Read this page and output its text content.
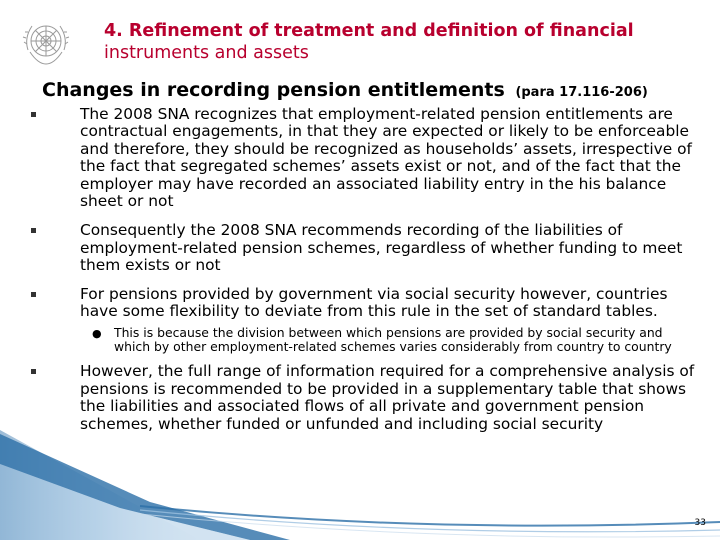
4. Refinement of treatment and definition of financial
instruments and assets
Changes in recording pension entitlements (para 17.116-206)
The 2008 SNA recognizes that employment-related pension entitlements are contractual engagements, in that they are expected or likely to be enforceable and therefore, they should be recognized as households’ assets, irrespective of the fact that segregated schemes’ assets exist or not, and of the fact that the employer may have recorded an associated liability entry in the his balance sheet or not
Consequently the 2008 SNA recommends recording of the liabilities of employment-related pension schemes, regardless of whether funding to meet them exists or not
For pensions provided by government via social security however, countries have some flexibility to deviate from this rule in the set of standard tables.
● This is because the division between which pensions are provided by social security and which by other employment-related schemes varies considerably from country to country
However, the full range of information required for a comprehensive analysis of pensions is recommended to be provided in a supplementary table that shows the liabilities and associated flows of all private and government pension schemes, whether funded or unfunded and including social security
33
